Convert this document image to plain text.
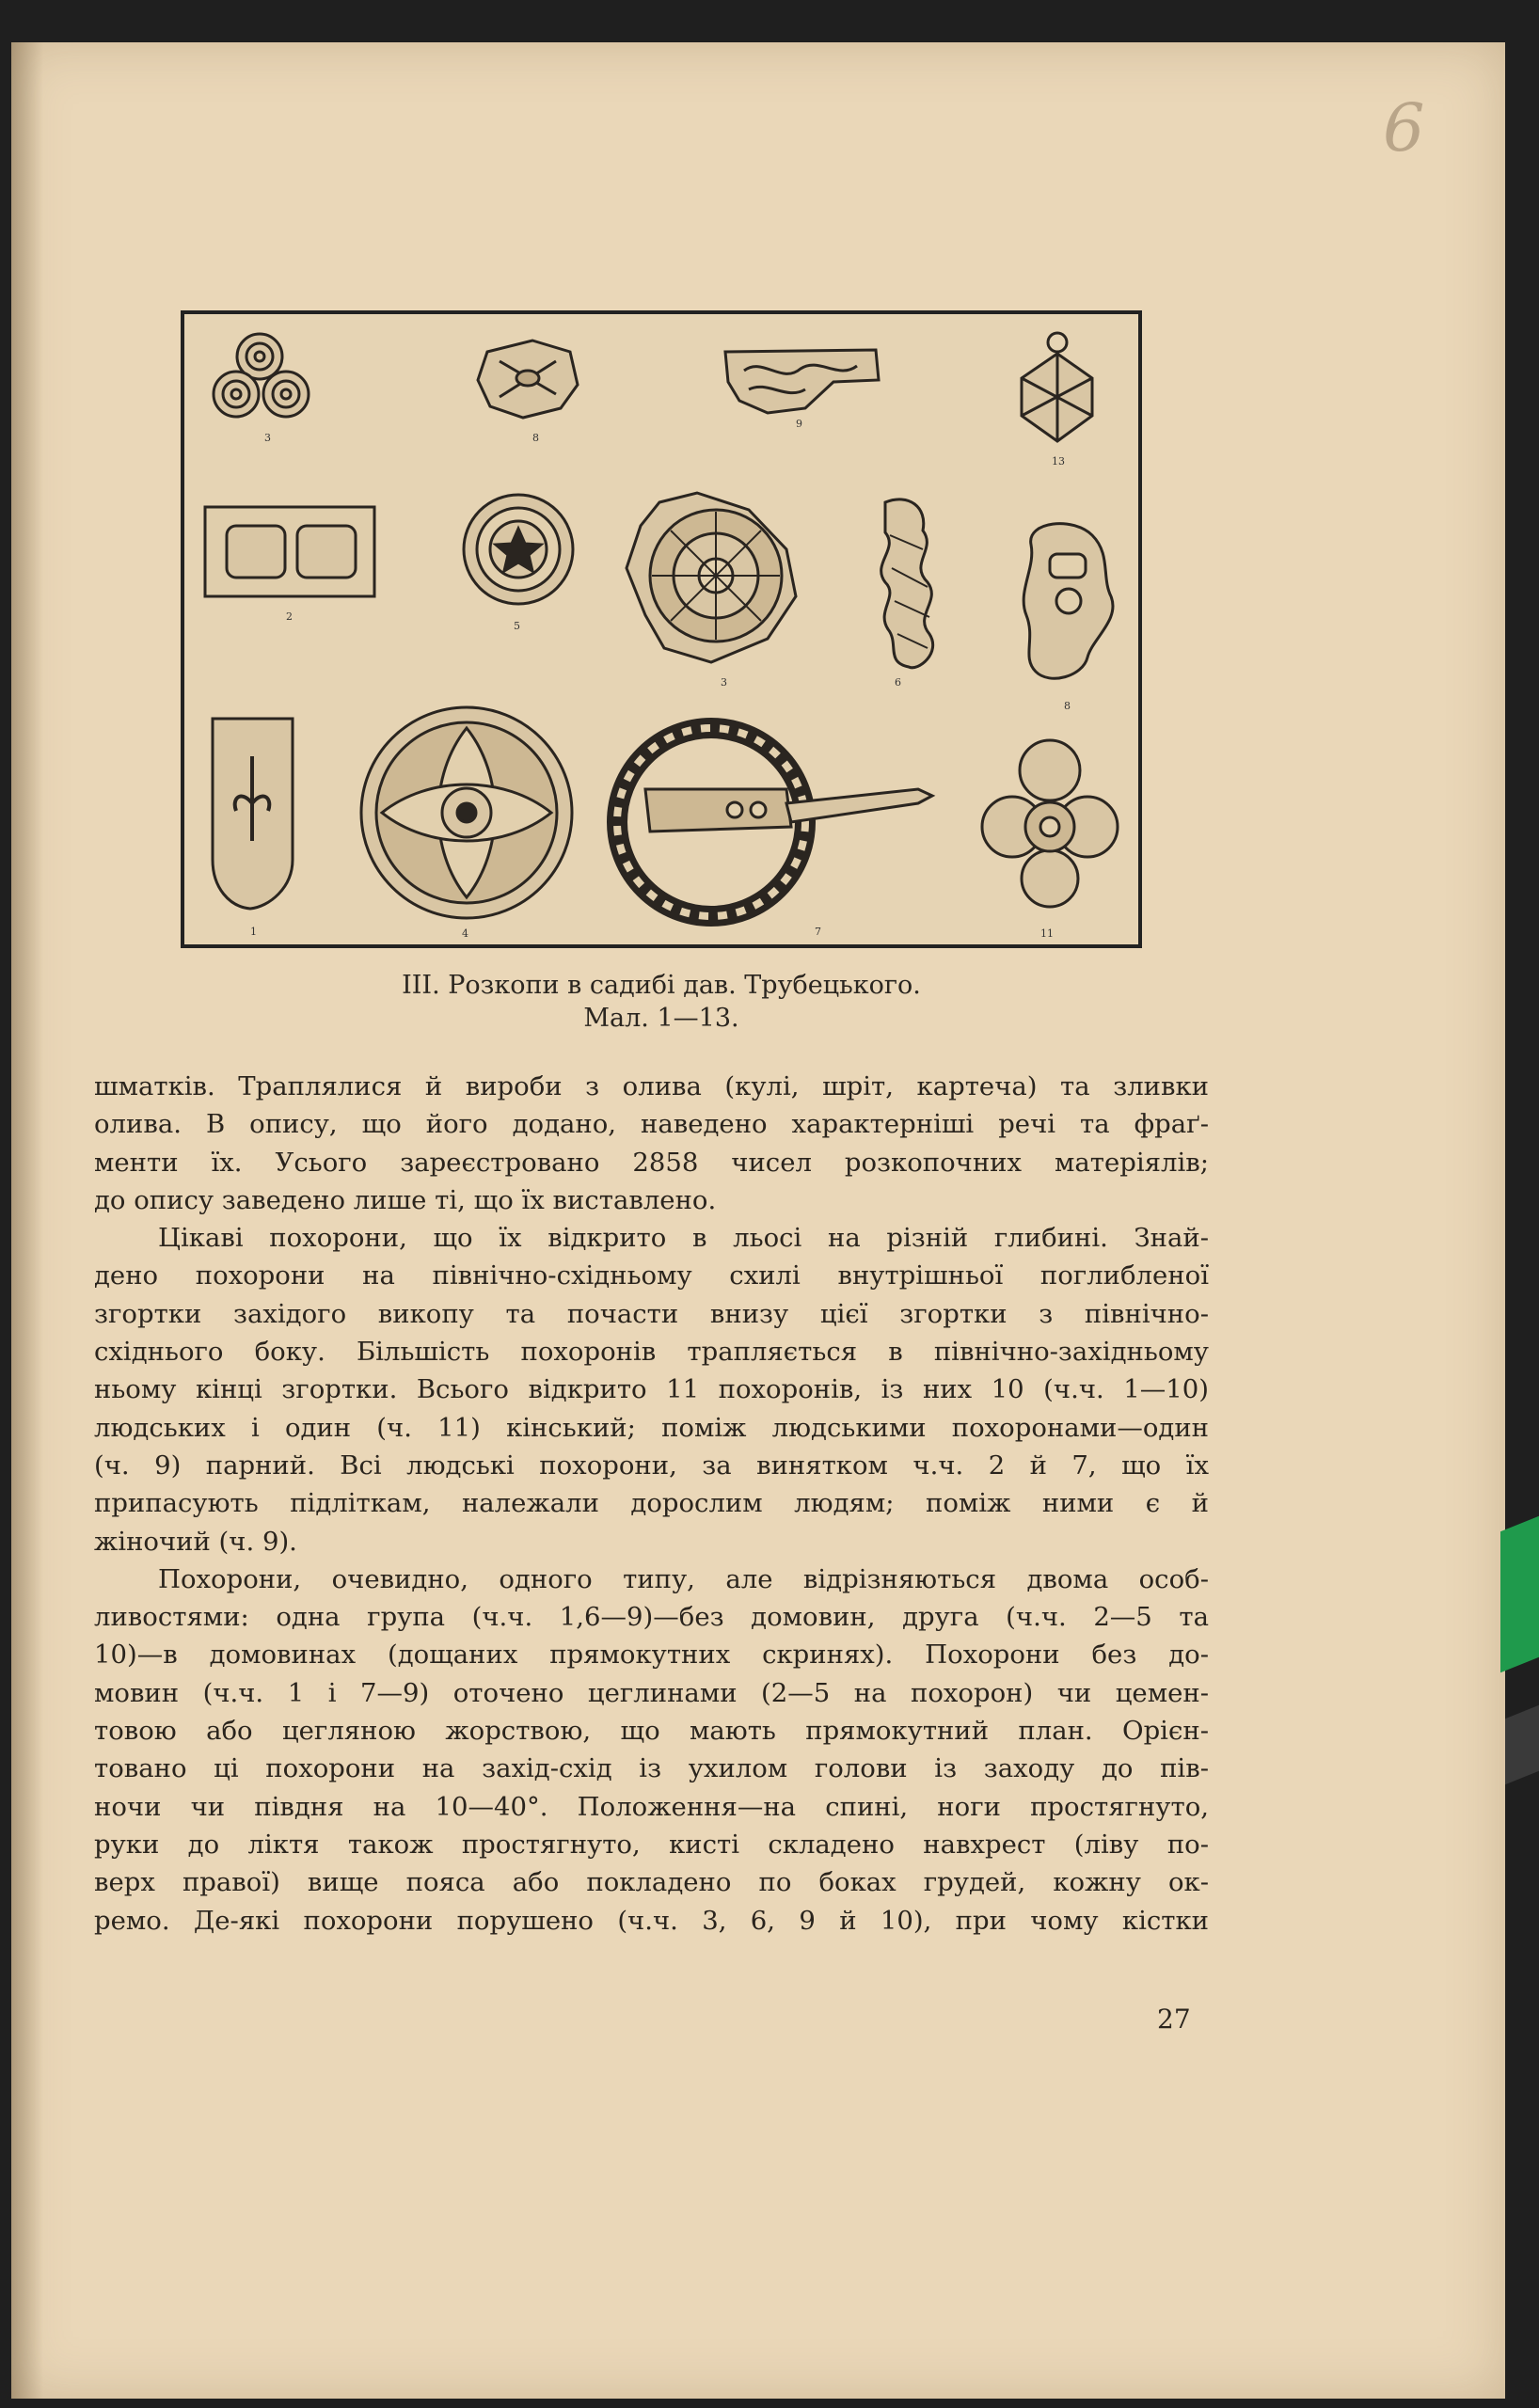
6
3	8
9
13
2
5
3	6
8
1	4	7	11
III. Розкопи в садибі дав. Трубецького.
Мал. 1—13.
шматків. Траплялися й вироби з олива (кулі, шріт, картеча) та зливки
олива. В опису, що його додано, наведено характерніші речі та фраґ-
менти їх. Усього зареєстровано 2858 чисел розкопочних матеріялів;
до опису заведено лише ті, що їх виставлено.
Цікаві похорони, що їх відкрито в льосі на різній глибині. Знай-
дено похорони на північно-східньому схилі внутрішньої поглибленої
згортки західого викопу та почасти внизу цієї згортки з північно-
східнього боку. Більшість похоронів трапляється в північно-західньому
ньому кінці згортки. Всього відкрито 11 похоронів, із них 10 (ч.ч. 1—10)
людських і один (ч. 11) кінський; поміж людськими похоронами—один
(ч. 9) парний. Всі людські похорони, за винятком ч.ч. 2 й 7, що їх
припасують підліткам, належали дорослим людям; поміж ними є й
жіночий (ч. 9).
Похорони, очевидно, одного типу, але відрізняються двома особ-
ливостями: одна група (ч.ч. 1,6—9)—без домовин, друга (ч.ч. 2—5 та
10)—в домовинах (дощаних прямокутних скринях). Похорони без до-
мовин (ч.ч. 1 і 7—9) оточено цеглинами (2—5 на похорон) чи цемен-
товою або цегляною жорствою, що мають прямокутний план. Орієн-
товано ці похорони на захід-схід із ухилом голови із заходу до пів-
ночи чи півдня на 10—40°. Положення—на спині, ноги простягнуто,
руки до ліктя також простягнуто, кисті складено навхрест (ліву по-
верх правої) вище пояса або покладено по боках грудей, кожну ок-
ремо. Де-які похорони порушено (ч.ч. 3, 6, 9 й 10), при чому кістки
27
